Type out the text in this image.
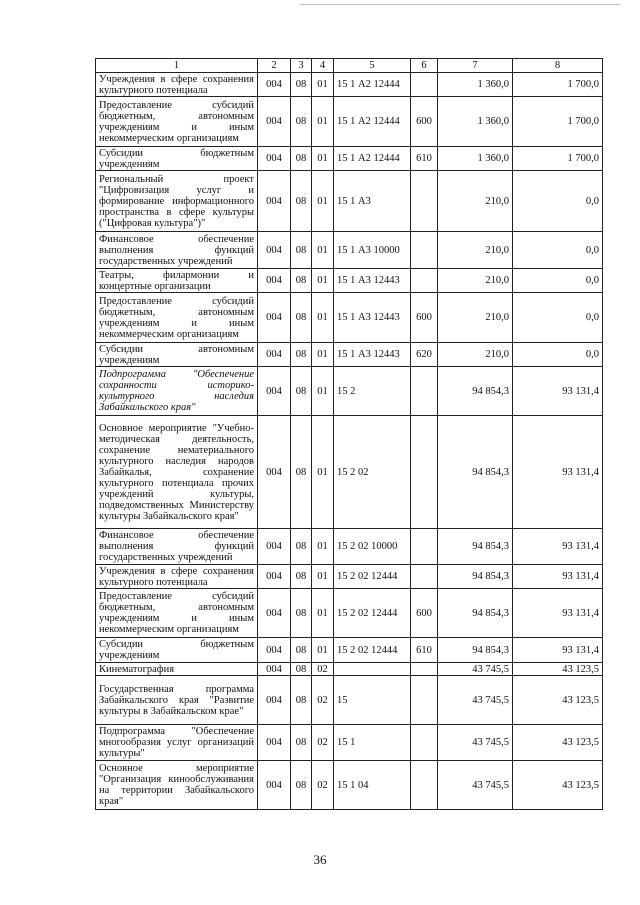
1	2	3	4	5	6	7	8
Учреждения в сфере сохранения культурного потенциала	004	08	01	15 1 А2 12444		1 360,0	1 700,0
Предоставление субсидий бюджетным, автономным учреждениям и иным некоммерческим организациям	004	08	01	15 1 А2 12444	600	1 360,0	1 700,0
Субсидии бюджетным учреждениям	004	08	01	15 1 А2 12444	610	1 360,0	1 700,0
Региональный проект "Цифровизация услуг и формирование информационного пространства в сфере культуры ("Цифровая культура")"	004	08	01	15 1 А3		210,0	0,0
Финансовое обеспечение выполнения функций государственных учреждений	004	08	01	15 1 А3 10000		210,0	0,0
Театры, филармонии и концертные организации	004	08	01	15 1 А3 12443		210,0	0,0
Предоставление субсидий бюджетным, автономным учреждениям и иным некоммерческим организациям	004	08	01	15 1 А3 12443	600	210,0	0,0
Субсидии автономным учреждениям	004	08	01	15 1 А3 12443	620	210,0	0,0
Подпрограмма "Обеспечение сохранности историко-культурного наследия Забайкальского края"	004	08	01	15 2		94 854,3	93 131,4
Основное мероприятие "Учебно-методическая деятельность, сохранение нематериального культурного наследия народов Забайкалья, сохранение культурного потенциала прочих учреждений культуры, подведомственных Министерству культуры Забайкальского края"	004	08	01	15 2 02		94 854,3	93 131,4
Финансовое обеспечение выполнения функций государственных учреждений	004	08	01	15 2 02 10000		94 854,3	93 131,4
Учреждения в сфере сохранения культурного потенциала	004	08	01	15 2 02 12444		94 854,3	93 131,4
Предоставление субсидий бюджетным, автономным учреждениям и иным некоммерческим организациям	004	08	01	15 2 02 12444	600	94 854,3	93 131,4
Субсидии бюджетным учреждениям	004	08	01	15 2 02 12444	610	94 854,3	93 131,4
Кинематография	004	08	02			43 745,5	43 123,5
Государственная программа Забайкальского края "Развитие культуры в Забайкальском крае"	004	08	02	15		43 745,5	43 123,5
Подпрограмма "Обеспечение многообразия услуг организаций культуры"	004	08	02	15 1		43 745,5	43 123,5
Основное мероприятие "Организация кинообслуживания на территории Забайкальского края"	004	08	02	15 1 04		43 745,5	43 123,5
36
